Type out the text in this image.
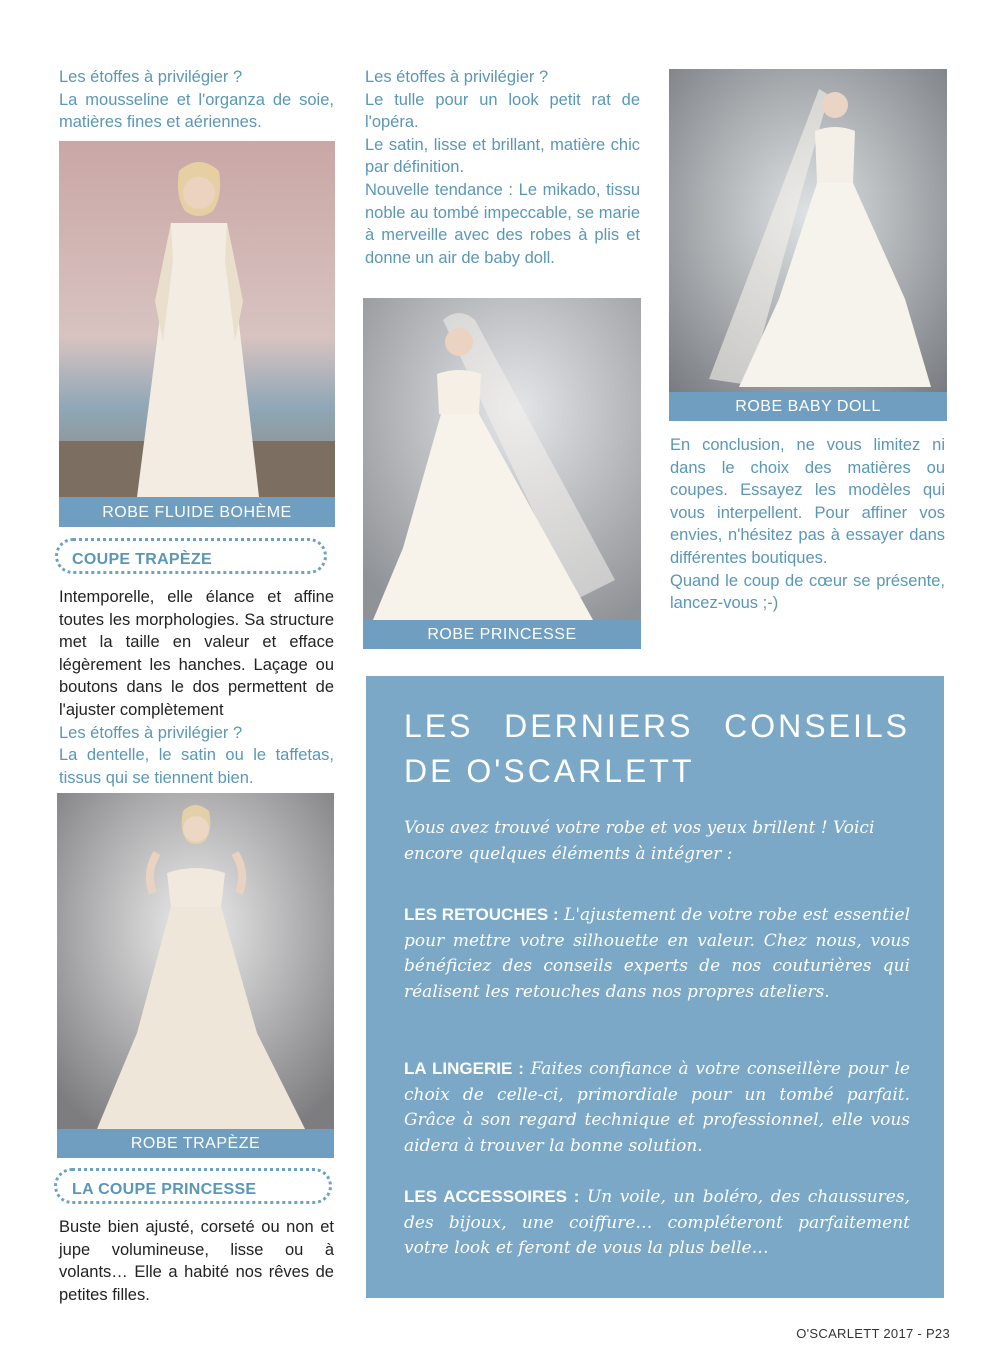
Les étoffes à privilégier ?

La mousseline et l'organza de soie, matières fines et aériennes.

ROBE FLUIDE BOHÈME
COUPE TRAPÈZE

Intemporelle, elle élance et affine toutes les morphologies. Sa structure met la taille en valeur et efface légèrement les hanches. Laçage ou boutons dans le dos permettent de l'ajuster complètement

Les étoffes à privilégier ?

La dentelle, le satin ou le taffetas, tissus qui se tiennent bien.

ROBE TRAPÈZE
LA COUPE PRINCESSE

Buste bien ajusté, corseté ou non et jupe volumineuse, lisse ou à volants… Elle a habité nos rêves de petites filles.

Les étoffes à privilégier ?

Le tulle pour un look petit rat de l'opéra.

Le satin, lisse et brillant, matière chic par définition.

Nouvelle tendance : Le mikado, tissu noble au tombé impeccable, se marie à merveille avec des robes à plis et donne un air de baby doll.

ROBE PRINCESSE
ROBE BABY DOLL

En conclusion, ne vous limitez ni dans le choix des matières ou coupes. Essayez les modèles qui vous interpellent. Pour affiner vos envies, n'hésitez pas à essayer dans différentes boutiques.

Quand le coup de cœur se présente, lancez-vous ;-)

LES DERNIERS CONSEILS DE O'SCARLETT
Vous avez trouvé votre robe et vos yeux brillent ! Voici encore quelques éléments à intégrer :
LES RETOUCHES : L'ajustement de votre robe est essentiel pour mettre votre silhouette en valeur. Chez nous, vous bénéficiez des conseils experts de nos couturières qui réalisent les retouches dans nos propres ateliers.
LA LINGERIE : Faites confiance à votre conseillère pour le choix de celle-ci, primordiale pour un tombé parfait. Grâce à son regard technique et professionnel, elle vous aidera à trouver la bonne solution.
LES ACCESSOIRES : Un voile, un boléro, des chaussures, des bijoux, une coiffure… compléteront parfaitement votre look et feront de vous la plus belle…
O'SCARLETT 2017 - P23
